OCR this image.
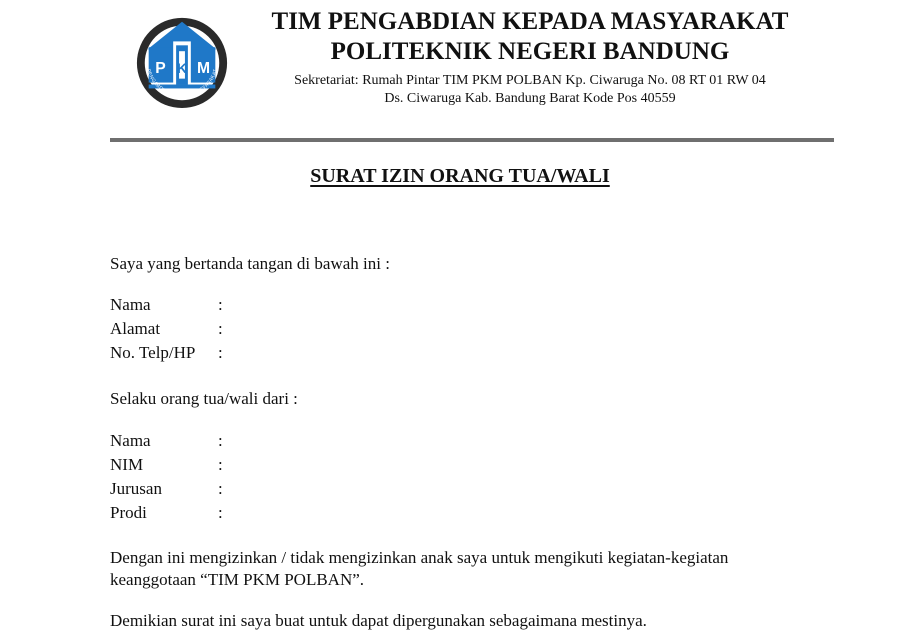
P K M
PENGABDIAN KEPADA MASYARAKAT
TIM PENGABDIAN KEPADA MASYARAKAT
POLITEKNIK NEGERI BANDUNG
Sekretariat: Rumah Pintar TIM PKM POLBAN Kp. Ciwaruga No. 08 RT 01 RW 04
Ds. Ciwaruga Kab. Bandung Barat Kode Pos 40559
SURAT IZIN ORANG TUA/WALI
Saya yang bertanda tangan di bawah ini :
Nama	:
Alamat	:
No. Telp/HP :
Selaku orang tua/wali dari :
Nama	:
NIM	:
Jurusan	:
Prodi	:
Dengan ini mengizinkan / tidak mengizinkan anak saya untuk mengikuti kegiatan-kegiatan
keanggotaan “TIM PKM POLBAN”.
Demikian surat ini saya buat untuk dapat dipergunakan sebagaimana mestinya.
